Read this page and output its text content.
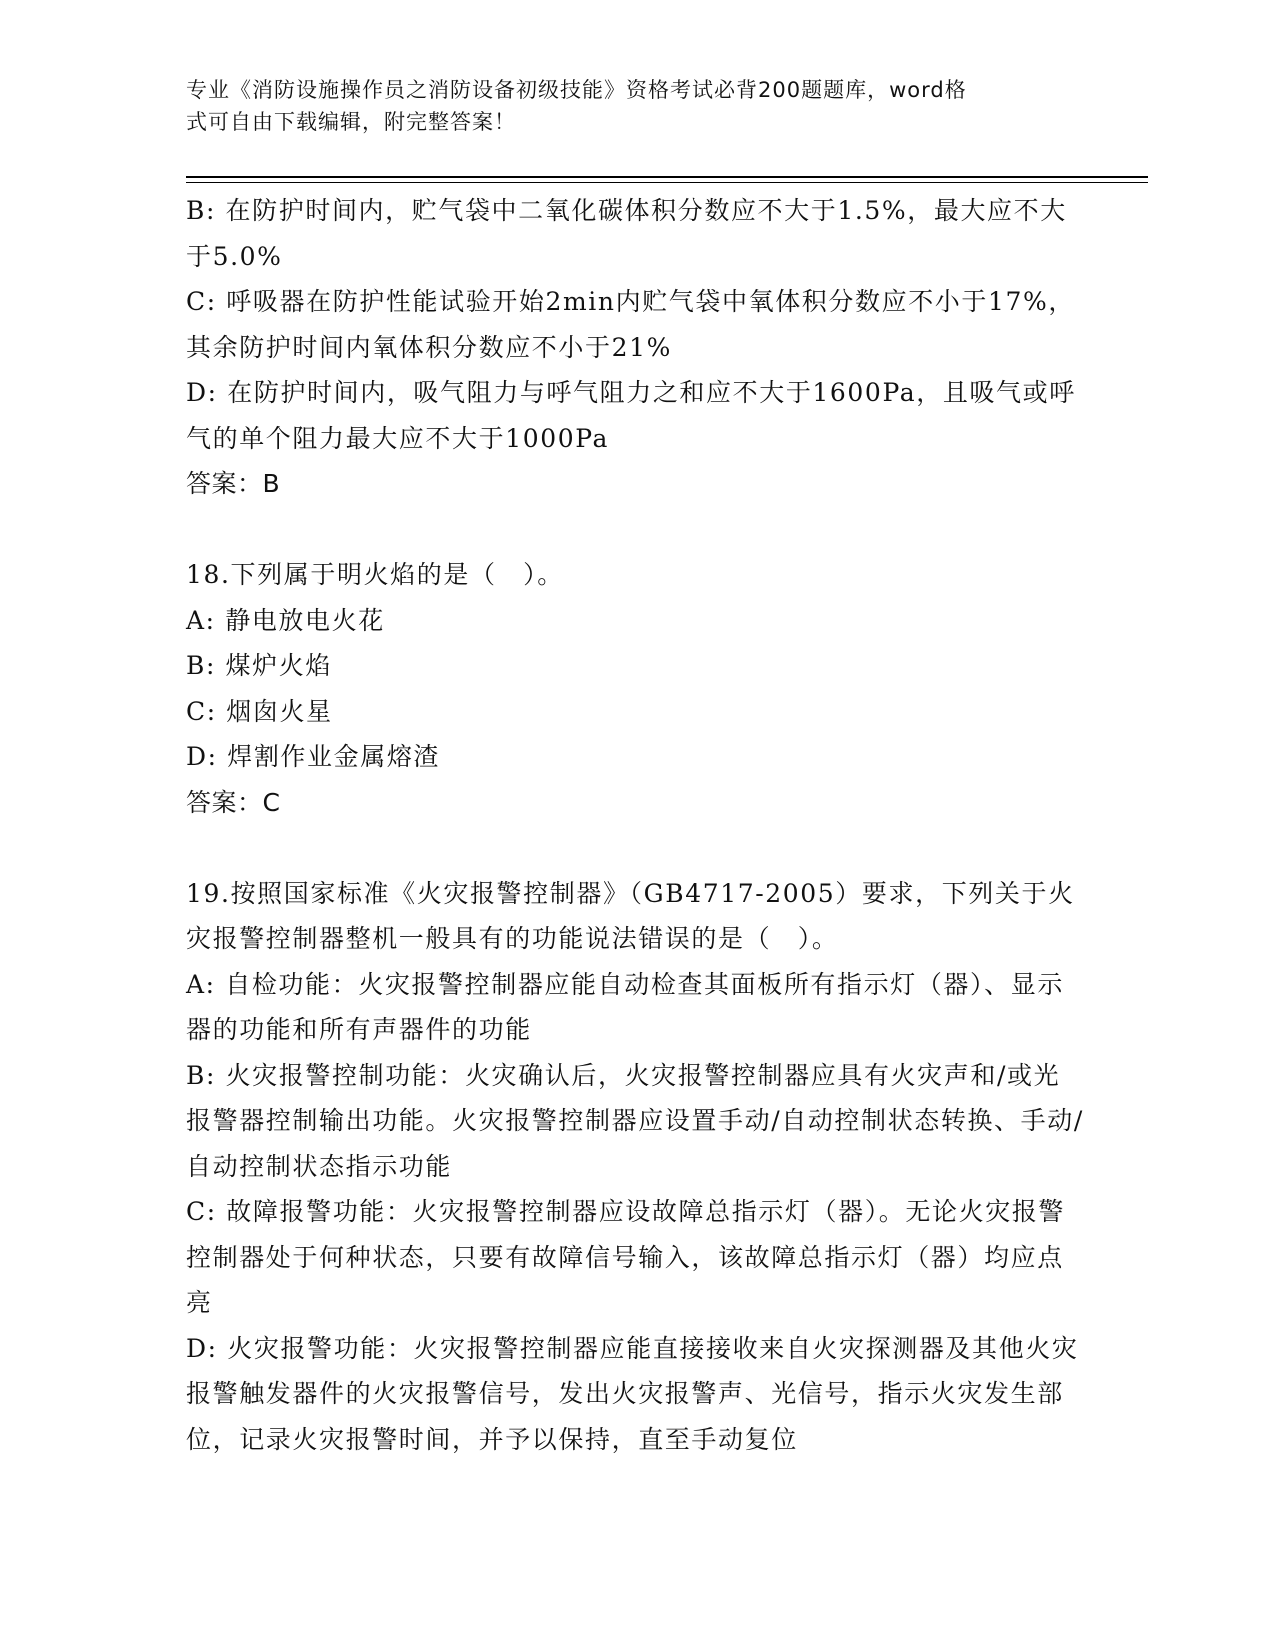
专业《消防设施操作员之消防设备初级技能》资格考试必背200题题库，word格
式可自由下载编辑，附完整答案！

B: 在防护时间内，贮气袋中二氧化碳体积分数应不大于1.5%，最大应不大于5.0%

C: 呼吸器在防护性能试验开始2min内贮气袋中氧体积分数应不小于17%，其余防护时间内氧体积分数应不小于21%

D: 在防护时间内，吸气阻力与呼气阻力之和应不大于1600Pa，且吸气或呼气的单个阻力最大应不大于1000Pa

答案：B

18.下列属于明火焰的是（　）。

A: 静电放电火花

B: 煤炉火焰

C: 烟囱火星

D: 焊割作业金属熔渣

答案：C

19.按照国家标准《火灾报警控制器》（GB4717-2005）要求，下列关于火灾报警控制器整机一般具有的功能说法错误的是（　）。

A: 自检功能：火灾报警控制器应能自动检查其面板所有指示灯（器）、显示器的功能和所有声器件的功能

B: 火灾报警控制功能：火灾确认后，火灾报警控制器应具有火灾声和/或光报警器控制输出功能。火灾报警控制器应设置手动/自动控制状态转换、手动/自动控制状态指示功能

C: 故障报警功能：火灾报警控制器应设故障总指示灯（器）。无论火灾报警控制器处于何种状态，只要有故障信号输入，该故障总指示灯（器）均应点亮

D: 火灾报警功能：火灾报警控制器应能直接接收来自火灾探测器及其他火灾报警触发器件的火灾报警信号，发出火灾报警声、光信号，指示火灾发生部位，记录火灾报警时间，并予以保持，直至手动复位
